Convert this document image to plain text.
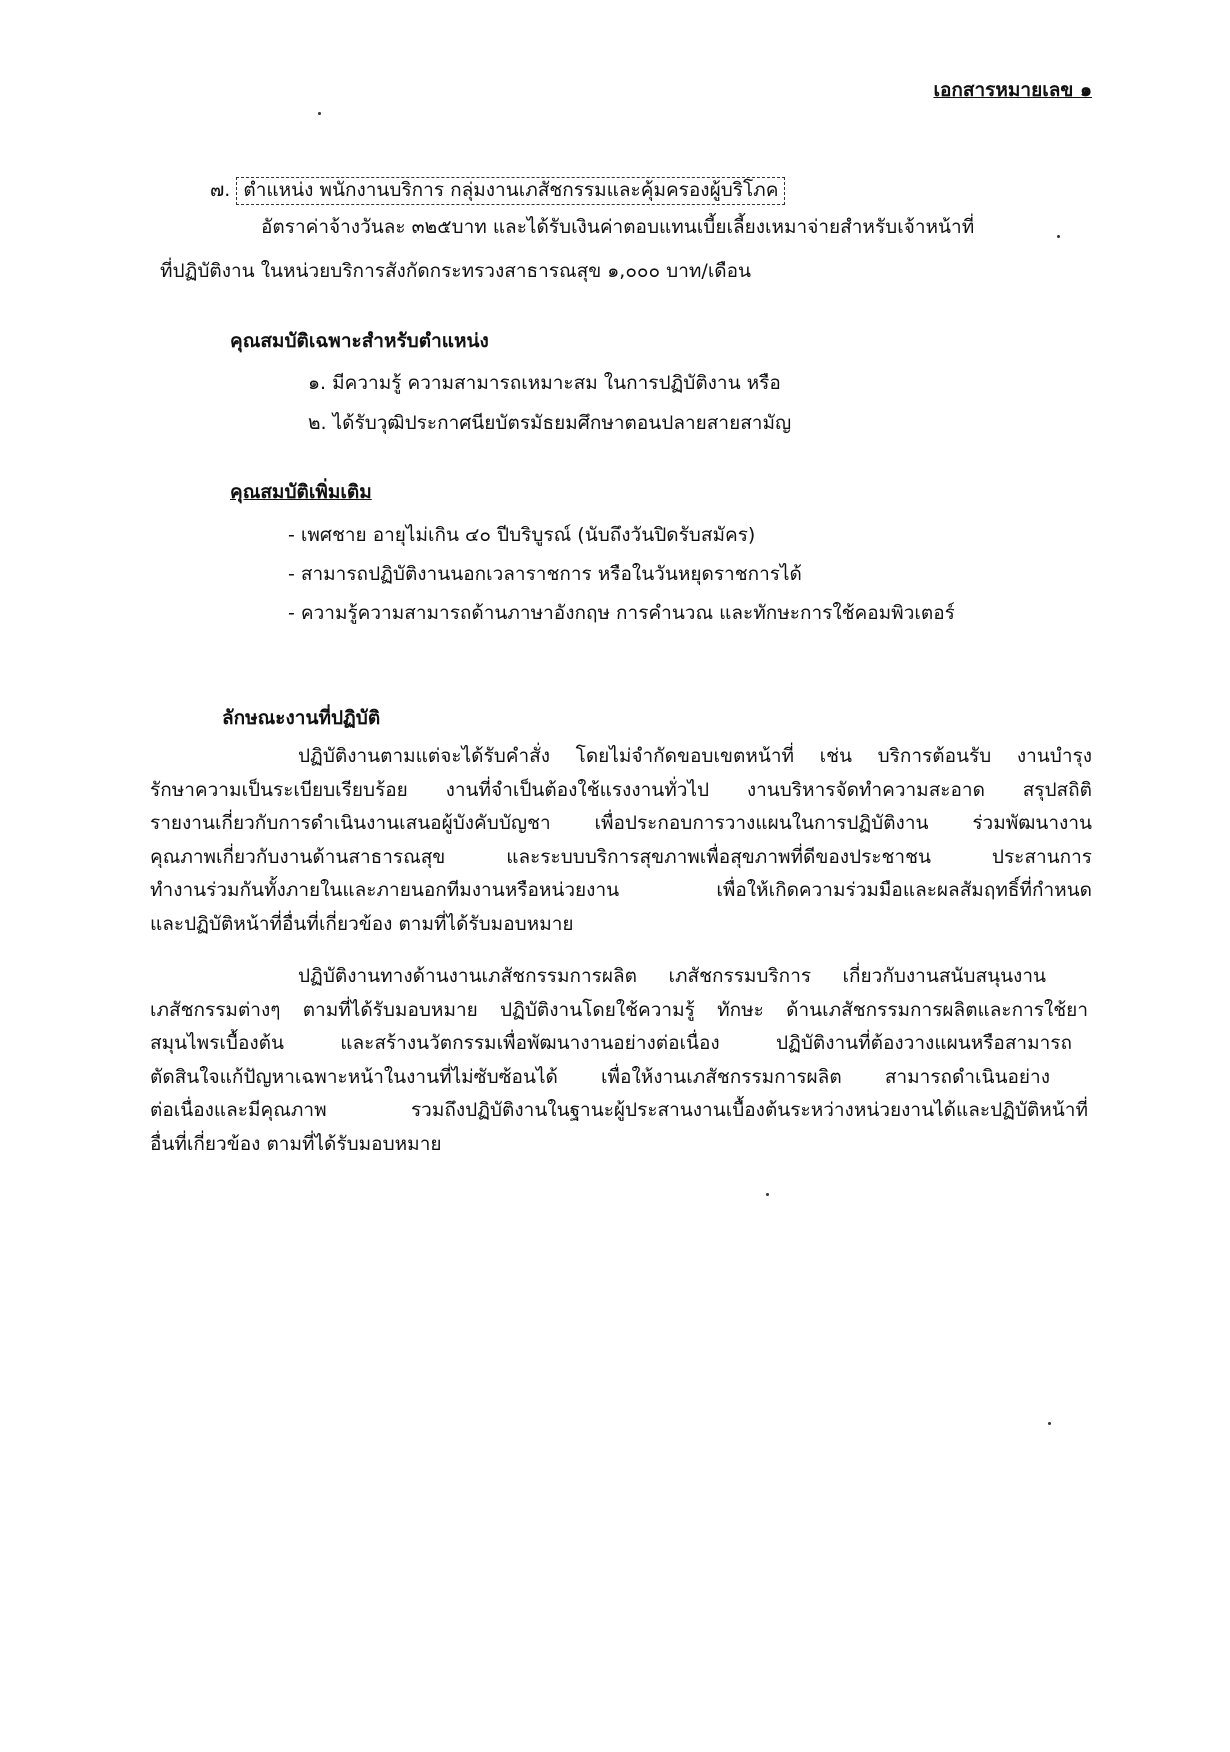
เอกสารหมายเลข ๑
๗. ตำแหน่ง พนักงานบริการ กลุ่มงานเภสัชกรรมและคุ้มครองผู้บริโภค
อัตราค่าจ้างวันละ ๓๒๕บาท และได้รับเงินค่าตอบแทนเบี้ยเลี้ยงเหมาจ่ายสำหรับเจ้าหน้าที่
ที่ปฏิบัติงาน ในหน่วยบริการสังกัดกระทรวงสาธารณสุข ๑,๐๐๐ บาท/เดือน
คุณสมบัติเฉพาะสำหรับตำแหน่ง
๑. มีความรู้ ความสามารถเหมาะสม ในการปฏิบัติงาน หรือ
๒. ได้รับวุฒิประกาศนียบัตรมัธยมศึกษาตอนปลายสายสามัญ
คุณสมบัติเพิ่มเติม
- เพศชาย อายุไม่เกิน ๔๐ ปีบริบูรณ์ (นับถึงวันปิดรับสมัคร)
- สามารถปฏิบัติงานนอกเวลาราชการ หรือในวันหยุดราชการได้
- ความรู้ความสามารถด้านภาษาอังกฤษ การคำนวณ และทักษะการใช้คอมพิวเตอร์
ลักษณะงานที่ปฏิบัติ
ปฏิบัติงานตามแต่จะได้รับคำสั่ง โดยไม่จำกัดขอบเขตหน้าที่ เช่น บริการต้อนรับ งานบำรุง
รักษาความเป็นระเบียบเรียบร้อย งานที่จำเป็นต้องใช้แรงงานทั่วไป งานบริหารจัดทำความสะอาด สรุปสถิติ
รายงานเกี่ยวกับการดำเนินงานเสนอผู้บังคับบัญชา เพื่อประกอบการวางแผนในการปฏิบัติงาน ร่วมพัฒนางาน
คุณภาพเกี่ยวกับงานด้านสาธารณสุข และระบบบริการสุขภาพเพื่อสุขภาพที่ดีของประชาชน ประสานการ
ทำงานร่วมกันทั้งภายในและภายนอกทีมงานหรือหน่วยงาน เพื่อให้เกิดความร่วมมือและผลสัมฤทธิ์ที่กำหนด
และปฏิบัติหน้าที่อื่นที่เกี่ยวข้อง ตามที่ได้รับมอบหมาย
ปฏิบัติงานทางด้านงานเภสัชกรรมการผลิต เภสัชกรรมบริการ เกี่ยวกับงานสนับสนุนงาน
เภสัชกรรมต่างๆ ตามที่ได้รับมอบหมาย ปฏิบัติงานโดยใช้ความรู้ ทักษะ ด้านเภสัชกรรมการผลิตและการใช้ยา
สมุนไพรเบื้องต้น และสร้างนวัตกรรมเพื่อพัฒนางานอย่างต่อเนื่อง ปฏิบัติงานที่ต้องวางแผนหรือสามารถ
ตัดสินใจแก้ปัญหาเฉพาะหน้าในงานที่ไม่ซับซ้อนได้ เพื่อให้งานเภสัชกรรมการผลิต สามารถดำเนินอย่าง
ต่อเนื่องและมีคุณภาพ รวมถึงปฏิบัติงานในฐานะผู้ประสานงานเบื้องต้นระหว่างหน่วยงานได้และปฏิบัติหน้าที่
อื่นที่เกี่ยวข้อง ตามที่ได้รับมอบหมาย
